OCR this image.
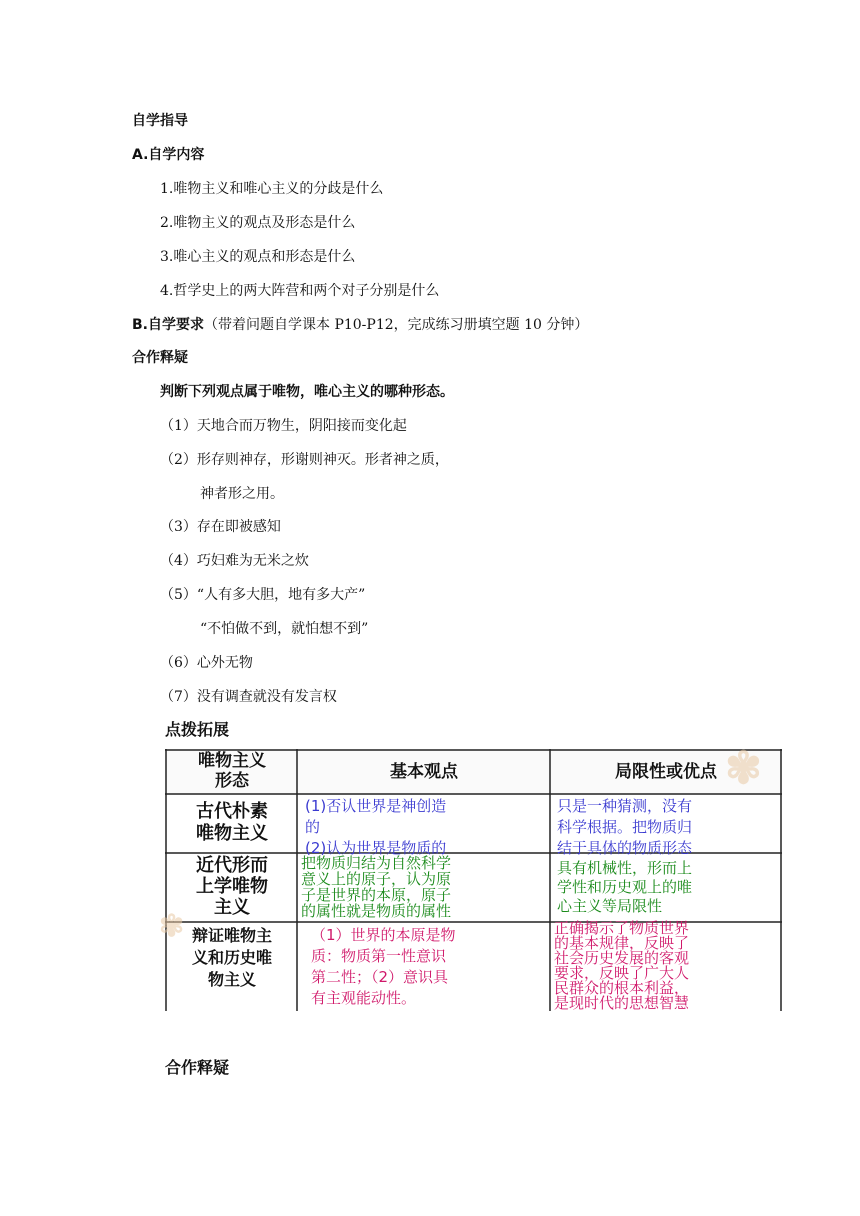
自学指导
A.自学内容
1.唯物主义和唯心主义的分歧是什么
2.唯物主义的观点及形态是什么
3.唯心主义的观点和形态是什么
4.哲学史上的两大阵营和两个对子分别是什么
B.自学要求（带着问题自学课本 P10-P12，完成练习册填空题 10 分钟）
合作释疑
判断下列观点属于唯物，唯心主义的哪种形态。
（1）天地合而万物生，阴阳接而变化起
（2）形存则神存，形谢则神灭。形者神之质，
神者形之用。
（3）存在即被感知
（4）巧妇难为无米之炊
（5）“人有多大胆，地有多大产”
“不怕做不到，就怕想不到”
（6）心外无物
（7）没有调查就没有发言权
点拨拓展
✾
✾
唯物主义
形态	基本观点	局限性或优点
古代朴素
唯物主义
(1)否认世界是神创造
的
(2)认为世界是物质的
只是一种猜测，没有
科学根据。把物质归
结于具体的物质形态
近代形而
上学唯物
主义
把物质归结为自然科学
意义上的原子，认为原
子是世界的本原，原子
的属性就是物质的属性
具有机械性，形而上
学性和历史观上的唯
心主义等局限性
辩证唯物主
义和历史唯
物主义
（1）世界的本原是物
质：物质第一性意识
第二性；（2）意识具
有主观能动性。
正确揭示了物质世界
的基本规律，反映了
社会历史发展的客观
要求，反映了广大人
民群众的根本利益，
是现时代的思想智慧
合作释疑
